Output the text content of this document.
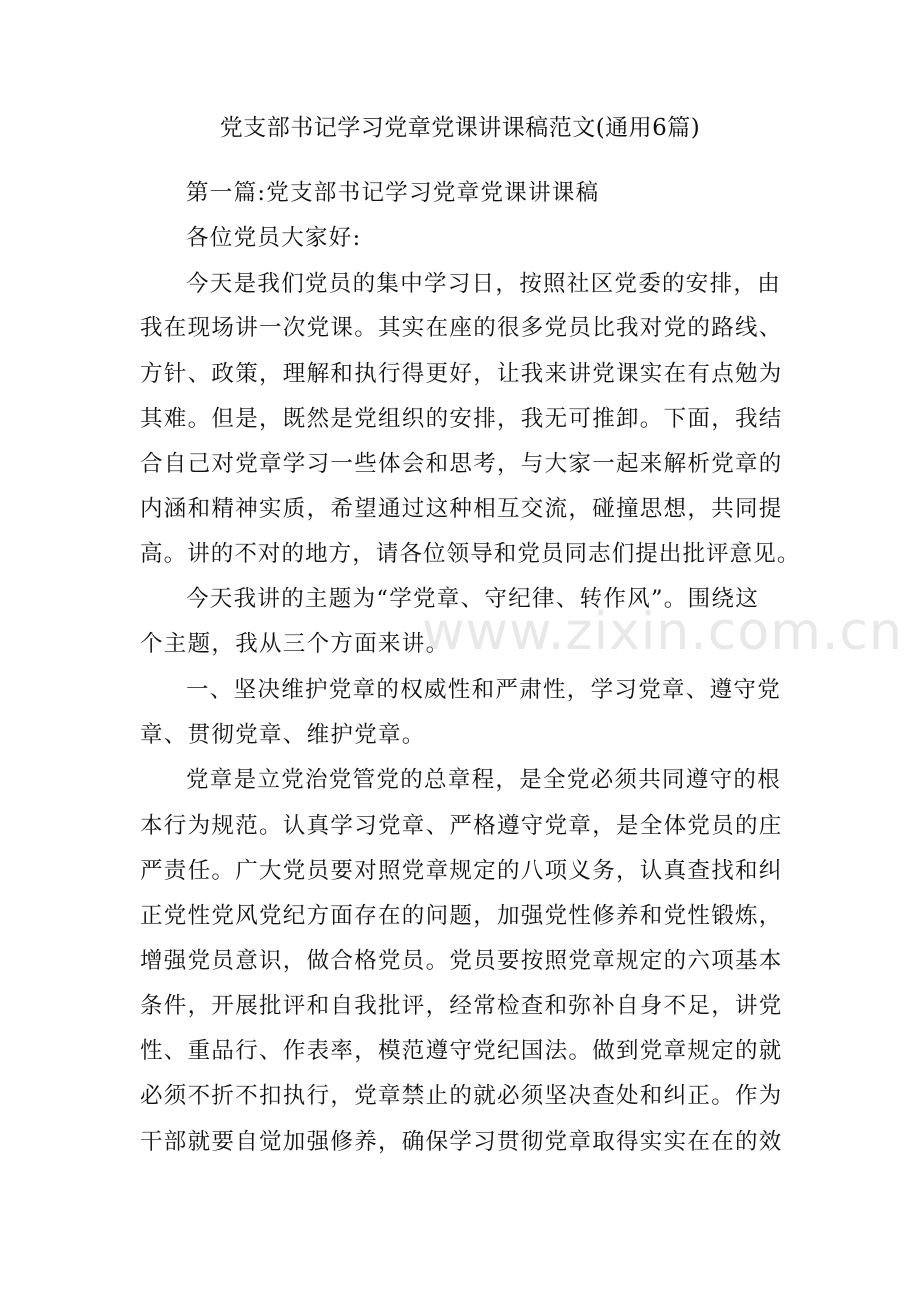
党支部书记学习党章党课讲课稿范文(通用6篇)

第一篇:党支部书记学习党章党课讲课稿

各位党员大家好:

今天是我们党员的集中学习日，按照社区党委的安排，由

我在现场讲一次党课。其实在座的很多党员比我对党的路线、

方针、政策，理解和执行得更好，让我来讲党课实在有点勉为

其难。但是，既然是党组织的安排，我无可推卸。下面，我结

合自己对党章学习一些体会和思考，与大家一起来解析党章的

内涵和精神实质，希望通过这种相互交流，碰撞思想，共同提

高。讲的不对的地方，请各位领导和党员同志们提出批评意见。

今天我讲的主题为“学党章、守纪律、转作风”。围绕这

个主题，我从三个方面来讲。

一、坚决维护党章的权威性和严肃性，学习党章、遵守党

章、贯彻党章、维护党章。

党章是立党治党管党的总章程，是全党必须共同遵守的根

本行为规范。认真学习党章、严格遵守党章，是全体党员的庄

严责任。广大党员要对照党章规定的八项义务，认真查找和纠

正党性党风党纪方面存在的问题，加强党性修养和党性锻炼，

增强党员意识，做合格党员。党员要按照党章规定的六项基本

条件，开展批评和自我批评，经常检查和弥补自身不足，讲党

性、重品行、作表率，模范遵守党纪国法。做到党章规定的就

必须不折不扣执行，党章禁止的就必须坚决查处和纠正。作为

干部就要自觉加强修养，确保学习贯彻党章取得实实在在的效

www.zixin.com.cn
